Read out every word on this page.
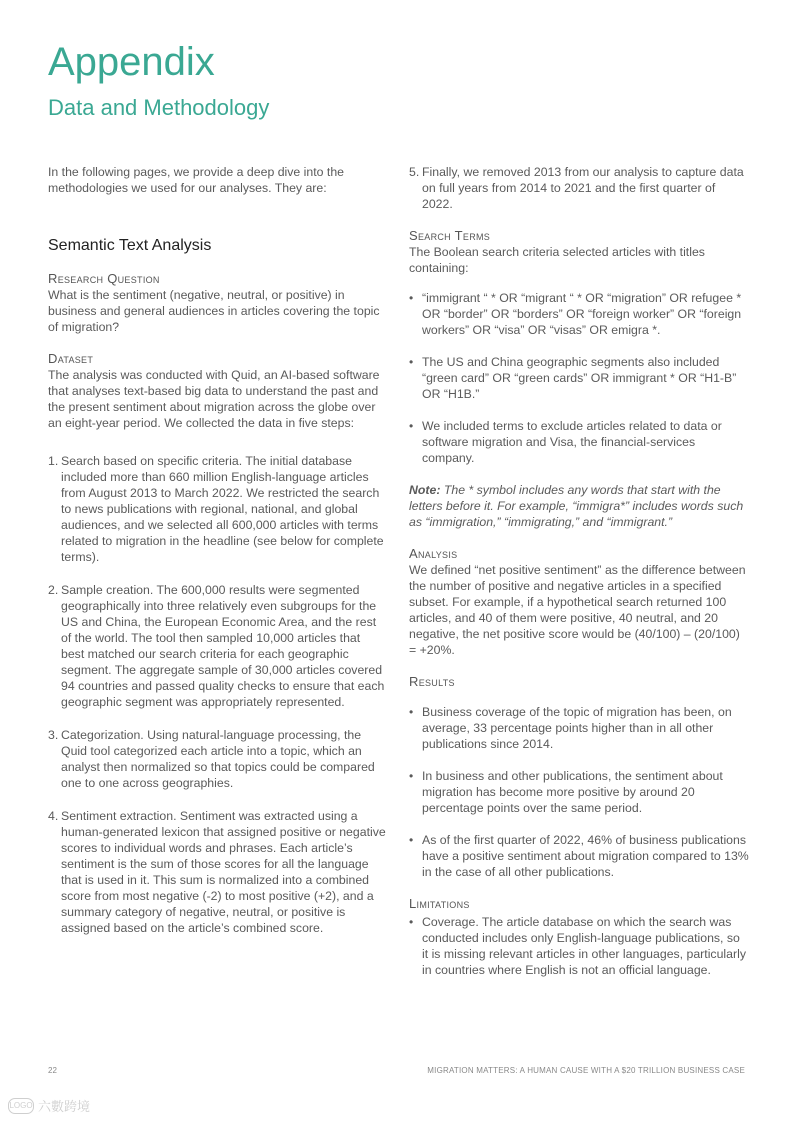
Appendix
Data and Methodology

In the following pages, we provide a deep dive into the methodologies we used for our analyses. They are:

Semantic Text Analysis

Research Question

What is the sentiment (negative, neutral, or positive) in business and general audiences in articles covering the topic of migration?

Dataset

The analysis was conducted with Quid, an AI-based software that analyses text-based big data to understand the past and the present sentiment about migration across the globe over an eight-year period. We collected the data in five steps:

1. Search based on specific criteria. The initial database included more than 660 million English-language articles from August 2013 to March 2022. We restricted the search to news publications with regional, national, and global audiences, and we selected all 600,000 articles with terms related to migration in the headline (see below for complete terms).
2. Sample creation. The 600,000 results were segmented geographically into three relatively even subgroups for the US and China, the European Economic Area, and the rest of the world. The tool then sampled 10,000 articles that best matched our search criteria for each geographic segment. The aggregate sample of 30,000 articles covered 94 countries and passed quality checks to ensure that each geographic segment was appropriately represented.
3. Categorization. Using natural-language processing, the Quid tool categorized each article into a topic, which an analyst then normalized so that topics could be compared one to one across geographies.
4. Sentiment extraction. Sentiment was extracted using a human-generated lexicon that assigned positive or negative scores to individual words and phrases. Each article’s sentiment is the sum of those scores for all the language that is used in it. This sum is normalized into a combined score from most negative (-2) to most positive (+2), and a summary category of negative, neutral, or positive is assigned based on the article’s combined score.
5. Finally, we removed 2013 from our analysis to capture data on full years from 2014 to 2021 and the first quarter of 2022.

Search Terms

The Boolean search criteria selected articles with titles containing:

• “immigrant “ * OR “migrant “ * OR “migration” OR refugee * OR “border” OR “borders” OR “foreign worker” OR “foreign workers” OR “visa” OR “visas” OR emigra *.
• The US and China geographic segments also included “green card” OR “green cards” OR immigrant * OR “H1-B” OR “H1B.”
• We included terms to exclude articles related to data or software migration and Visa, the financial-services company.

Note: The * symbol includes any words that start with the letters before it. For example, “immigra*” includes words such as “immigration,” “immigrating,” and “immigrant.”

Analysis

We defined “net positive sentiment” as the difference between the number of positive and negative articles in a specified subset. For example, if a hypothetical search returned 100 articles, and 40 of them were positive, 40 neutral, and 20 negative, the net positive score would be (40/100) – (20/100) = +20%.

Results

• Business coverage of the topic of migration has been, on average, 33 percentage points higher than in all other publications since 2014.
• In business and other publications, the sentiment about migration has become more positive by around 20 percentage points over the same period.
• As of the first quarter of 2022, 46% of business publications have a positive sentiment about migration compared to 13% in the case of all other publications.

Limitations

• Coverage. The article database on which the search was conducted includes only English-language publications, so it is missing relevant articles in other languages, particularly in countries where English is not an official language.
22	MIGRATION MATTERS: A HUMAN CAUSE WITH A $20 TRILLION BUSINESS CASE
LOGO 六數跨境
